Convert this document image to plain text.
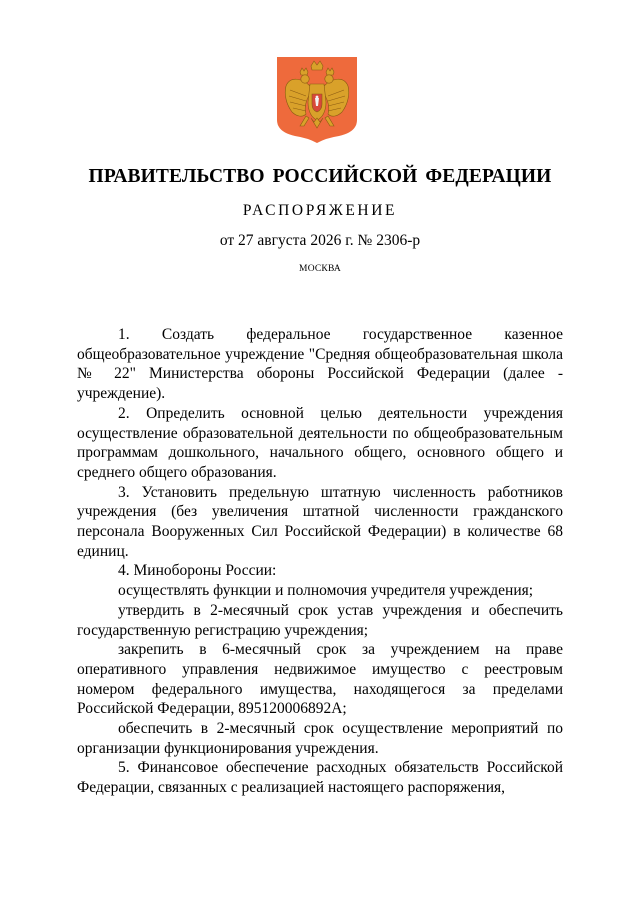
ПРАВИТЕЛЬСТВО РОССИЙСКОЙ ФЕДЕРАЦИИ
РАСПОРЯЖЕНИЕ
от 27 августа 2026 г. № 2306-р
МОСКВА

1. Создать федеральное государственное казенное общеобразовательное учреждение "Средняя общеобразовательная школа № 22" Министерства обороны Российской Федерации (далее - учреждение).

2. Определить основной целью деятельности учреждения осуществление образовательной деятельности по общеобразовательным программам дошкольного, начального общего, основного общего и среднего общего образования.

3. Установить предельную штатную численность работников учреждения (без увеличения штатной численности гражданского персонала Вооруженных Сил Российской Федерации) в количестве 68 единиц.

4. Минобороны России:

осуществлять функции и полномочия учредителя учреждения;

утвердить в 2-месячный срок устав учреждения и обеспечить государственную регистрацию учреждения;

закрепить в 6-месячный срок за учреждением на праве оперативного управления недвижимое имущество с реестровым номером федерального имущества, находящегося за пределами Российской Федерации, 895120006892А;

обеспечить в 2-месячный срок осуществление мероприятий по организации функционирования учреждения.

5. Финансовое обеспечение расходных обязательств Российской Федерации, связанных с реализацией настоящего распоряжения,
